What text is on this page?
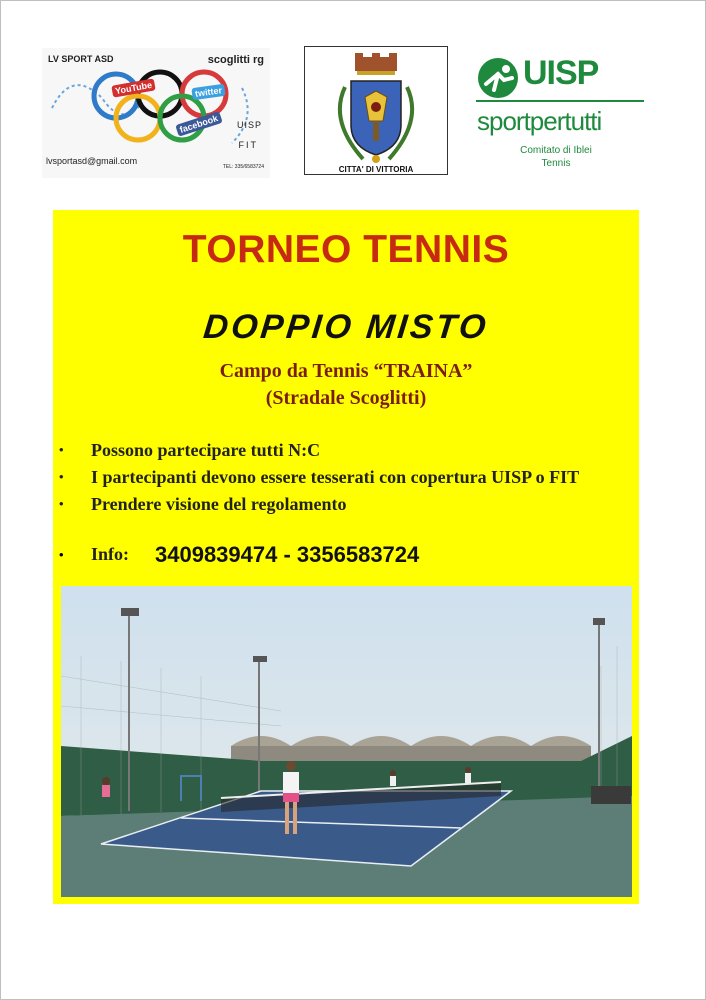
LV SPORT ASD	scoglitti rg
YouTube	twitter
facebook	UISP
FIT
lvsportasd@gmail.com
TEL: 335/6583724	CITTA' DI VITTORIA
UISP
sportpertutti
Comitato di Iblei
Tennis
TORNEO TENNIS
DOPPIO MISTO
Campo da Tennis “TRAINA”
(Stradale Scoglitti)
• Possono partecipare tutti N:C
• I partecipanti devono essere tesserati con copertura UISP o FIT
• Prendere visione del regolamento
• Info: 3409839474 - 3356583724
